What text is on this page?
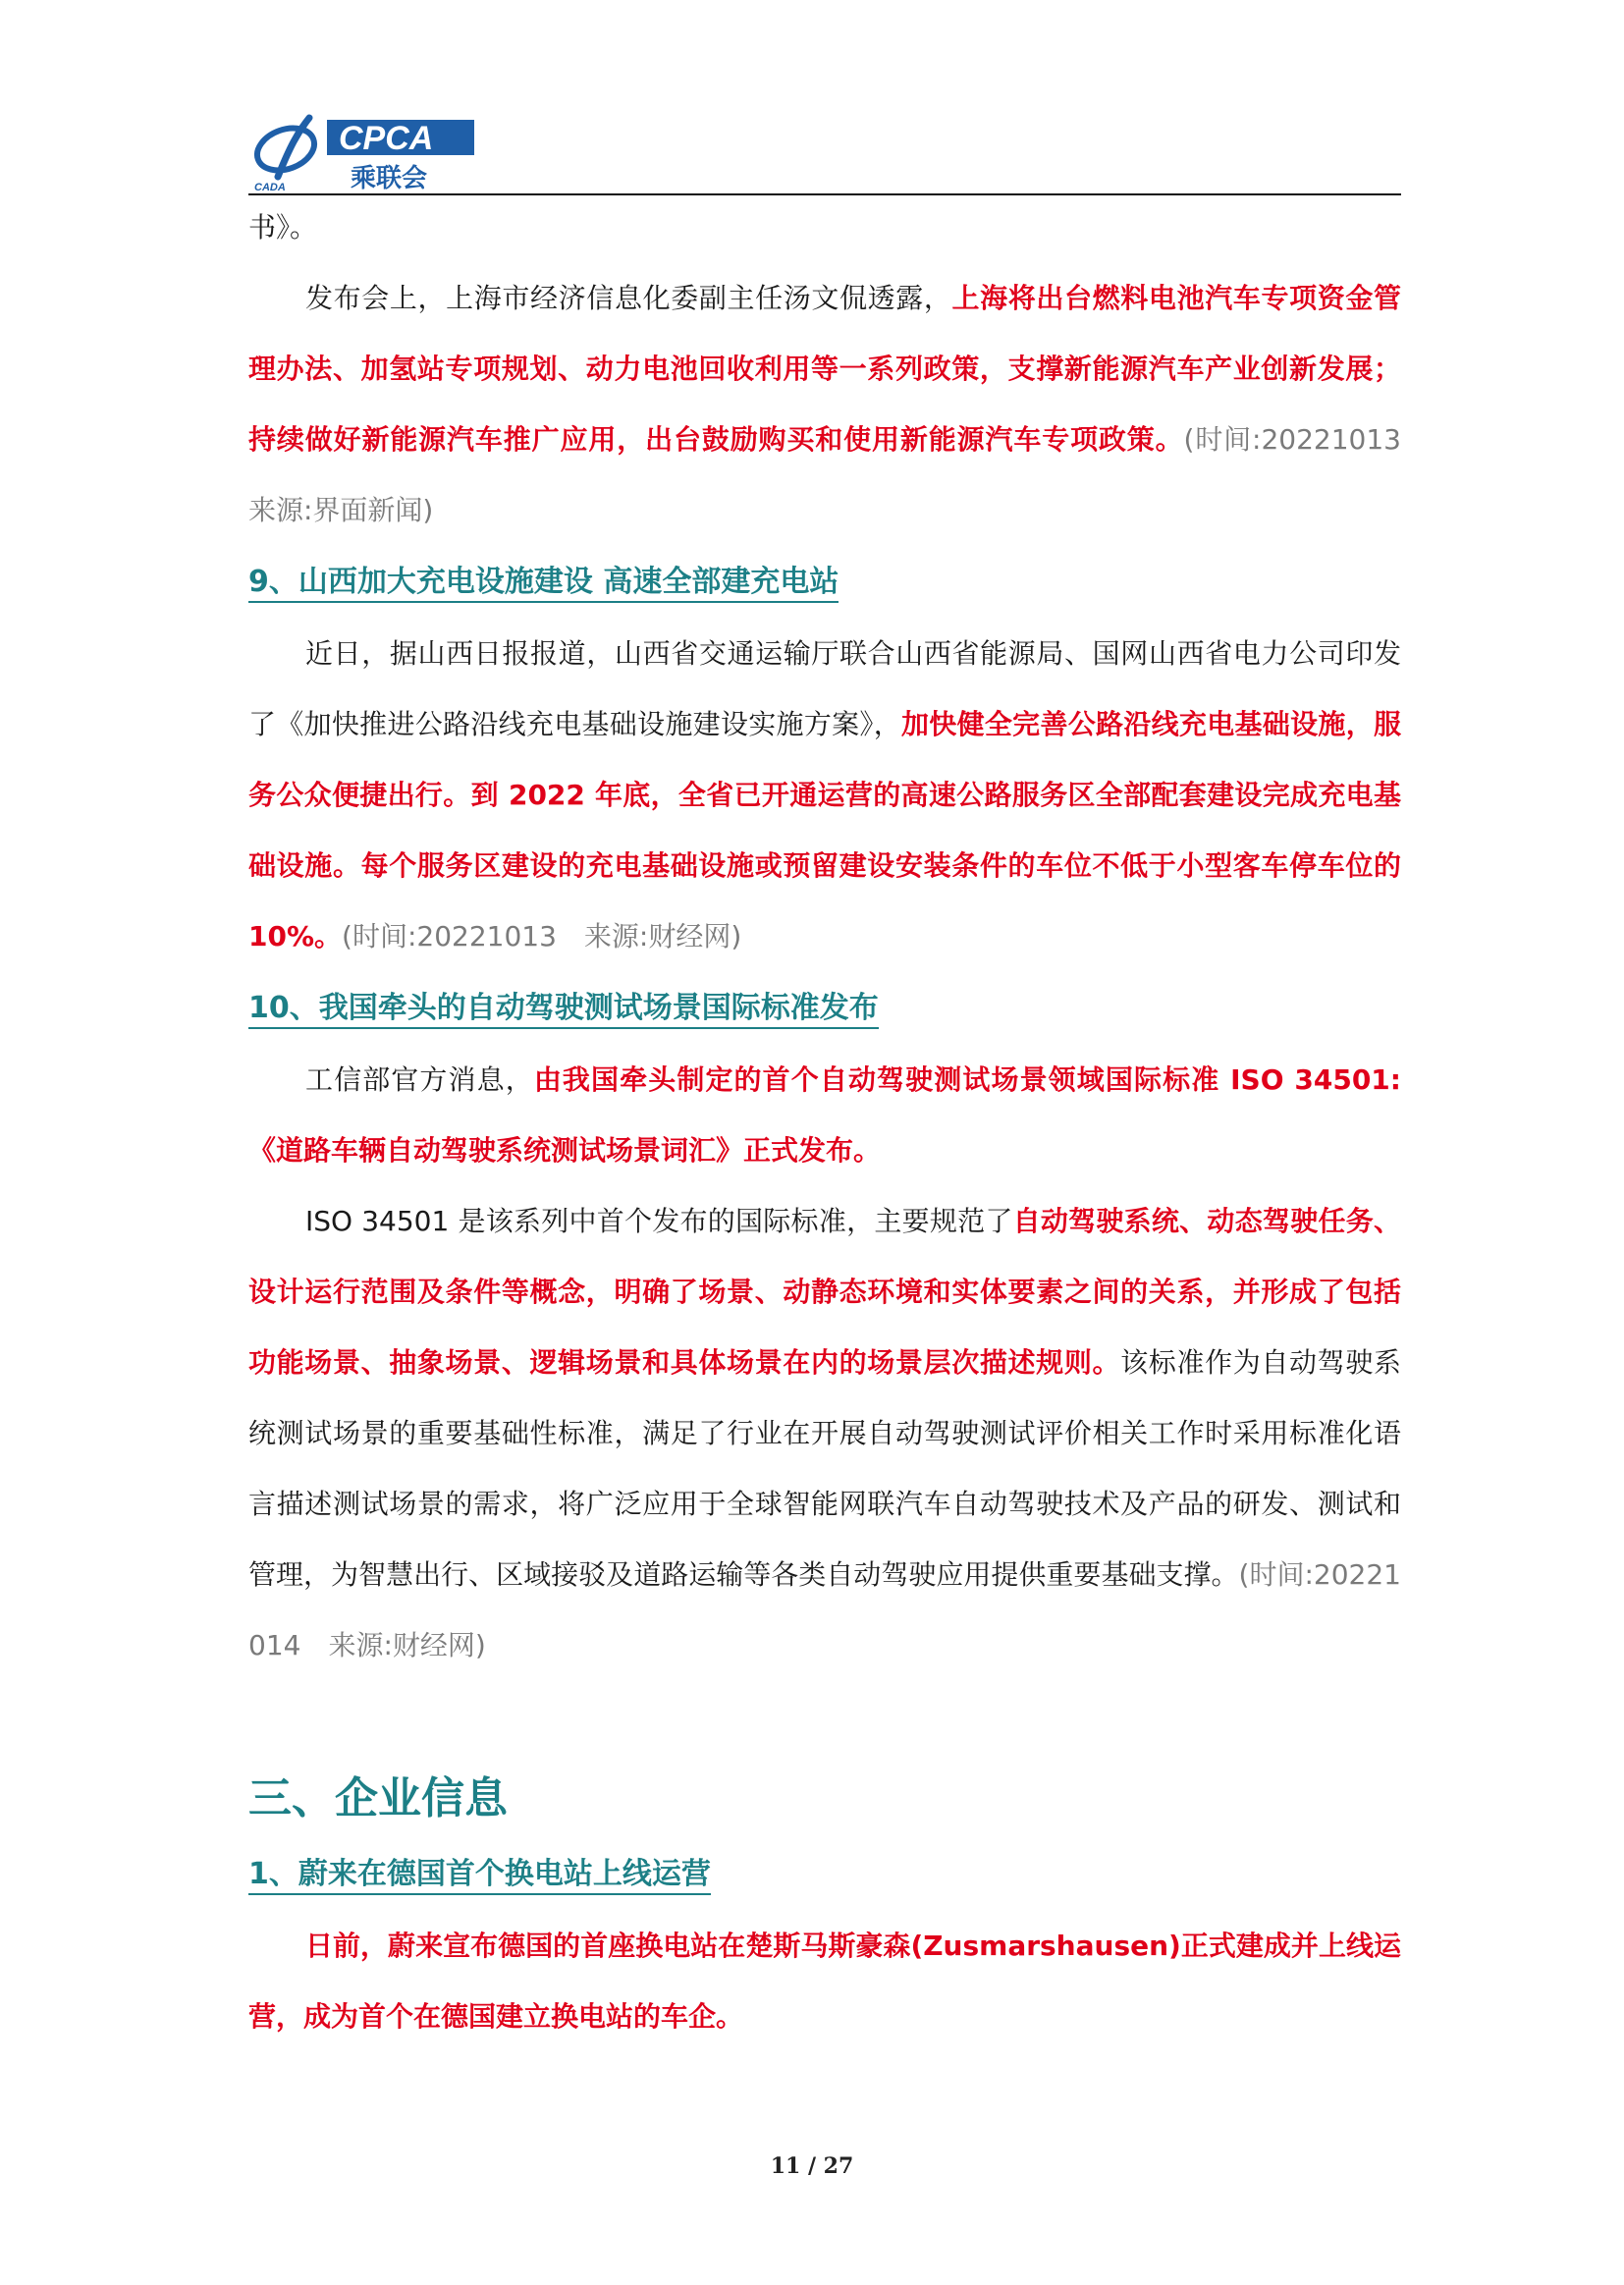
CADA
CPCA
乘联会

书》。

发布会上，上海市经济信息化委副主任汤文侃透露，上海将出台燃料电池汽车专项资金管理办法、加氢站专项规划、动力电池回收利用等一系列政策，支撑新能源汽车产业创新发展；持续做好新能源汽车推广应用，出台鼓励购买和使用新能源汽车专项政策。(时间:20221013　来源:界面新闻)

9、山西加大充电设施建设 高速全部建充电站

近日，据山西日报报道，山西省交通运输厅联合山西省能源局、国网山西省电力公司印发了《加快推进公路沿线充电基础设施建设实施方案》，加快健全完善公路沿线充电基础设施，服务公众便捷出行。到 2022 年底，全省已开通运营的高速公路服务区全部配套建设完成充电基础设施。每个服务区建设的充电基础设施或预留建设安装条件的车位不低于小型客车停车位的 10%。(时间:20221013　来源:财经网)

10、我国牵头的自动驾驶测试场景国际标准发布

工信部官方消息，由我国牵头制定的首个自动驾驶测试场景领域国际标准 ISO 34501:《道路车辆自动驾驶系统测试场景词汇》正式发布。

ISO 34501 是该系列中首个发布的国际标准，主要规范了自动驾驶系统、动态驾驶任务、设计运行范围及条件等概念，明确了场景、动静态环境和实体要素之间的关系，并形成了包括功能场景、抽象场景、逻辑场景和具体场景在内的场景层次描述规则。该标准作为自动驾驶系统测试场景的重要基础性标准，满足了行业在开展自动驾驶测试评价相关工作时采用标准化语言描述测试场景的需求，将广泛应用于全球智能网联汽车自动驾驶技术及产品的研发、测试和管理，为智慧出行、区域接驳及道路运输等各类自动驾驶应用提供重要基础支撑。(时间:20221014　来源:财经网)

三、企业信息

1、蔚来在德国首个换电站上线运营

日前，蔚来宣布德国的首座换电站在楚斯马斯豪森(Zusmarshausen)正式建成并上线运营，成为首个在德国建立换电站的车企。

11 / 27
